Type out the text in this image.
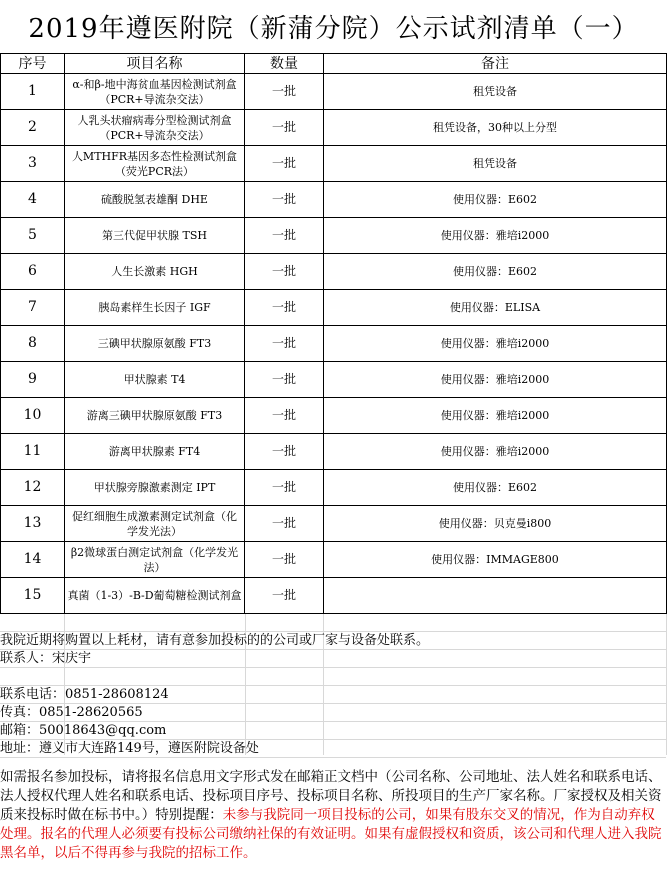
2019年遵医附院（新蒲分院）公示试剂清单（一）
序号	项目名称	数量	备注
1	α-和β-地中海贫血基因检测试剂盒（PCR+导流杂交法）	一批	租凭设备
2	人乳头状瘤病毒分型检测试剂盒（PCR+导流杂交法）	一批	租凭设备，30种以上分型
3	人MTHFR基因多态性检测试剂盒（荧光PCR法）	一批	租凭设备
4	硫酸脱氢表雄酮 DHE	一批	使用仪器：E602
5	第三代促甲状腺 TSH	一批	使用仪器：雅培i2000
6	人生长激素 HGH	一批	使用仪器：E602
7	胰岛素样生长因子 IGF	一批	使用仪器：ELISA
8	三碘甲状腺原氨酸 FT3	一批	使用仪器：雅培i2000
9	甲状腺素 T4	一批	使用仪器：雅培i2000
10	游离三碘甲状腺原氨酸 FT3	一批	使用仪器：雅培i2000
11	游离甲状腺素 FT4	一批	使用仪器：雅培i2000
12	甲状腺旁腺激素测定 IPT	一批	使用仪器：E602
13	促红细胞生成激素测定试剂盒（化学发光法）	一批	使用仪器：贝克曼i800
14	β2微球蛋白测定试剂盒（化学发光法）	一批	使用仪器：IMMAGE800
15	真菌（1-3）-Β-D葡萄糖检测试剂盒	一批	
我院近期将购置以上耗材，请有意参加投标的的公司或厂家与设备处联系。
联系人：宋庆宇
联系电话：0851-28608124
传真：0851-28620565
邮箱：50018643@qq.com
地址：遵义市大连路149号，遵医附院设备处
如需报名参加投标，请将报名信息用文字形式发在邮箱正文档中（公司名称、公司地址、法人姓名和联系电话、法人授权代理人姓名和联系电话、投标项目序号、投标项目名称、所投项目的生产厂家名称。厂家授权及相关资质来投标时做在标书中。）特别提醒：未参与我院同一项目投标的公司，如果有股东交叉的情况，作为自动弃权处理。报名的代理人必须要有投标公司缴纳社保的有效证明。如果有虚假授权和资质，该公司和代理人进入我院黑名单，以后不得再参与我院的招标工作。
